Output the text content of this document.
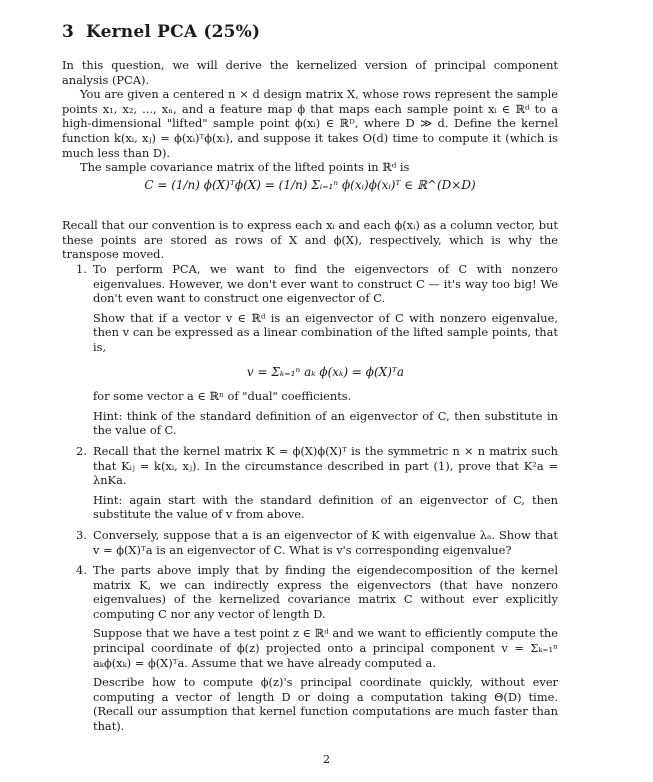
3 Kernel PCA (25%)
In this question, we will derive the kernelized version of principal component analysis (PCA).
You are given a centered n × d design matrix X, whose rows represent the sample points x₁, x₂, ..., xₙ, and a feature map ϕ that maps each sample point xᵢ ∈ ℝᵈ to a high-dimensional "lifted" sample point ϕ(xᵢ) ∈ ℝᴰ, where D ≫ d. Define the kernel function k(xᵢ, xⱼ) = ϕ(xᵢ)ᵀϕ(xᵢ), and suppose it takes O(d) time to compute it (which is much less than D).
The sample covariance matrix of the lifted points in ℝᵈ is
C = (1/n) ϕ(X)ᵀϕ(X) = (1/n) Σᵢ₌₁ⁿ ϕ(xᵢ)ϕ(xᵢ)ᵀ ∈ ℝ^(D×D)
Recall that our convention is to express each xᵢ and each ϕ(xᵢ) as a column vector, but these points are stored as rows of X and ϕ(X), respectively, which is why the transpose moved.
1. To perform PCA, we want to find the eigenvectors of C with nonzero eigenvalues. However, we don't ever want to construct C — it's way too big! We don't even want to construct one eigenvector of C.

Show that if a vector v ∈ ℝᵈ is an eigenvector of C with nonzero eigenvalue, then v can be expressed as a linear combination of the lifted sample points, that is,

v = Σₖ₌₁ⁿ aₖ ϕ(xₖ) = ϕ(X)ᵀa

for some vector a ∈ ℝⁿ of "dual" coefficients.

Hint: think of the standard definition of an eigenvector of C, then substitute in the value of C.

2. Recall that the kernel matrix K = ϕ(X)ϕ(X)ᵀ is the symmetric n × n matrix such that Kᵢⱼ = k(xᵢ, xⱼ). In the circumstance described in part (1), prove that K²a = λnKa.

Hint: again start with the standard definition of an eigenvector of C, then substitute the value of v from above.

3. Conversely, suppose that a is an eigenvector of K with eigenvalue λₐ. Show that v = ϕ(X)ᵀa is an eigenvector of C. What is v's corresponding eigenvalue?

4. The parts above imply that by finding the eigendecomposition of the kernel matrix K, we can indirectly express the eigenvectors (that have nonzero eigenvalues) of the kernelized covariance matrix C without ever explicitly computing C nor any vector of length D.

Suppose that we have a test point z ∈ ℝᵈ and we want to efficiently compute the principal coordinate of ϕ(z) projected onto a principal component v = Σₖ₌₁ⁿ aₖϕ(xₖ) = ϕ(X)ᵀa. Assume that we have already computed a.

Describe how to compute ϕ(z)'s principal coordinate quickly, without ever computing a vector of length D or doing a computation taking Θ(D) time. (Recall our assumption that kernel function computations are much faster than that).

2
